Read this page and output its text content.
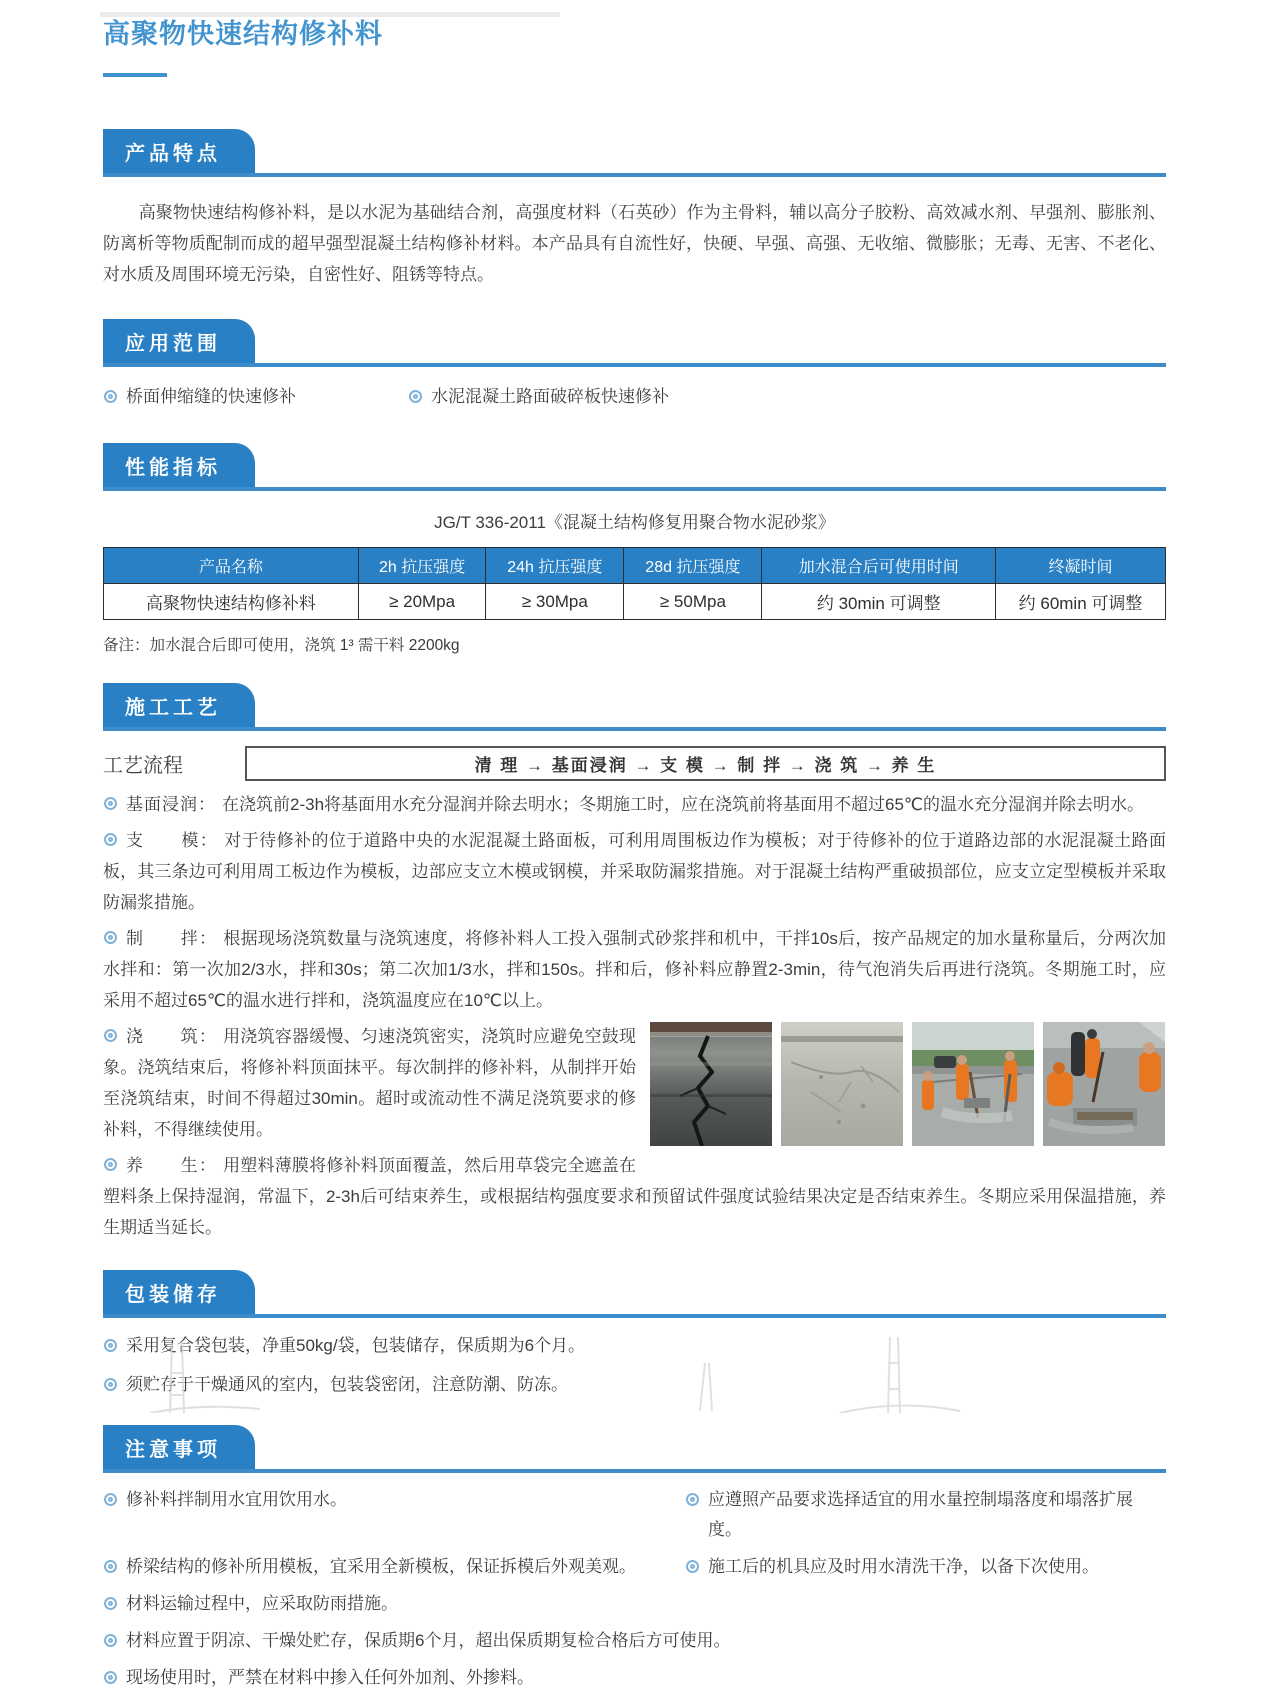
高聚物快速结构修补料
产品特点

高聚物快速结构修补料，是以水泥为基础结合剂，高强度材料（石英砂）作为主骨料，辅以高分子胶粉、高效减水剂、早强剂、膨胀剂、防离析等物质配制而成的超早强型混凝土结构修补材料。本产品具有自流性好，快硬、早强、高强、无收缩、微膨胀；无毒、无害、不老化、对水质及周围环境无污染，自密性好、阻锈等特点。

应用范围
桥面伸缩缝的快速修补	水泥混凝土路面破碎板快速修补
性能指标
JG/T 336-2011《混凝土结构修复用聚合物水泥砂浆》
产品名称	2h 抗压强度	24h 抗压强度	28d 抗压强度	加水混合后可使用时间	终凝时间
高聚物快速结构修补料	≥ 20Mpa	≥ 30Mpa	≥ 50Mpa	约 30min 可调整	约 60min 可调整
备注：加水混合后即可使用，浇筑 1³ 需干料 2200kg
施工工艺
工艺流程	清 理 → 基面浸润 → 支 模 → 制 拌 → 浇 筑 → 养 生
基面浸润： 在浇筑前2-3h将基面用水充分湿润并除去明水；冬期施工时，应在浇筑前将基面用不超过65℃的温水充分湿润并除去明水。
支　　模： 对于待修补的位于道路中央的水泥混凝土路面板，可利用周围板边作为模板；对于待修补的位于道路边部的水泥混凝土路面板，其三条边可利用周工板边作为模板，边部应支立木模或钢模，并采取防漏浆措施。对于混凝土结构严重破损部位，应支立定型模板并采取防漏浆措施。
制　　拌： 根据现场浇筑数量与浇筑速度，将修补料人工投入强制式砂浆拌和机中，干拌10s后，按产品规定的加水量称量后，分两次加水拌和：第一次加2/3水，拌和30s；第二次加1/3水，拌和150s。拌和后，修补料应静置2-3min，待气泡消失后再进行浇筑。冬期施工时，应采用不超过65℃的温水进行拌和，浇筑温度应在10℃以上。
浇　　筑： 用浇筑容器缓慢、匀速浇筑密实，浇筑时应避免空鼓现象。浇筑结束后，将修补料顶面抹平。每次制拌的修补料，从制拌开始至浇筑结束，时间不得超过30min。超时或流动性不满足浇筑要求的修补料，不得继续使用。
养　　生： 用塑料薄膜将修补料顶面覆盖，然后用草袋完全遮盖在塑料条上保持湿润，常温下，2-3h后可结束养生，或根据结构强度要求和预留试件强度试验结果决定是否结束养生。冬期应采用保温措施，养生期适当延长。
包装储存
采用复合袋包装，净重50kg/袋，包装储存，保质期为6个月。
须贮存于干燥通风的室内，包装袋密闭，注意防潮、防冻。
注意事项
修补料拌制用水宜用饮用水。	应遵照产品要求选择适宜的用水量控制塌落度和塌落扩展度。
桥梁结构的修补所用模板，宜采用全新模板，保证拆模后外观美观。	施工后的机具应及时用水清洗干净，以备下次使用。
材料运输过程中，应采取防雨措施。
材料应置于阴凉、干燥处贮存，保质期6个月，超出保质期复检合格后方可使用。
现场使用时，严禁在材料中掺入任何外加剂、外掺料。
